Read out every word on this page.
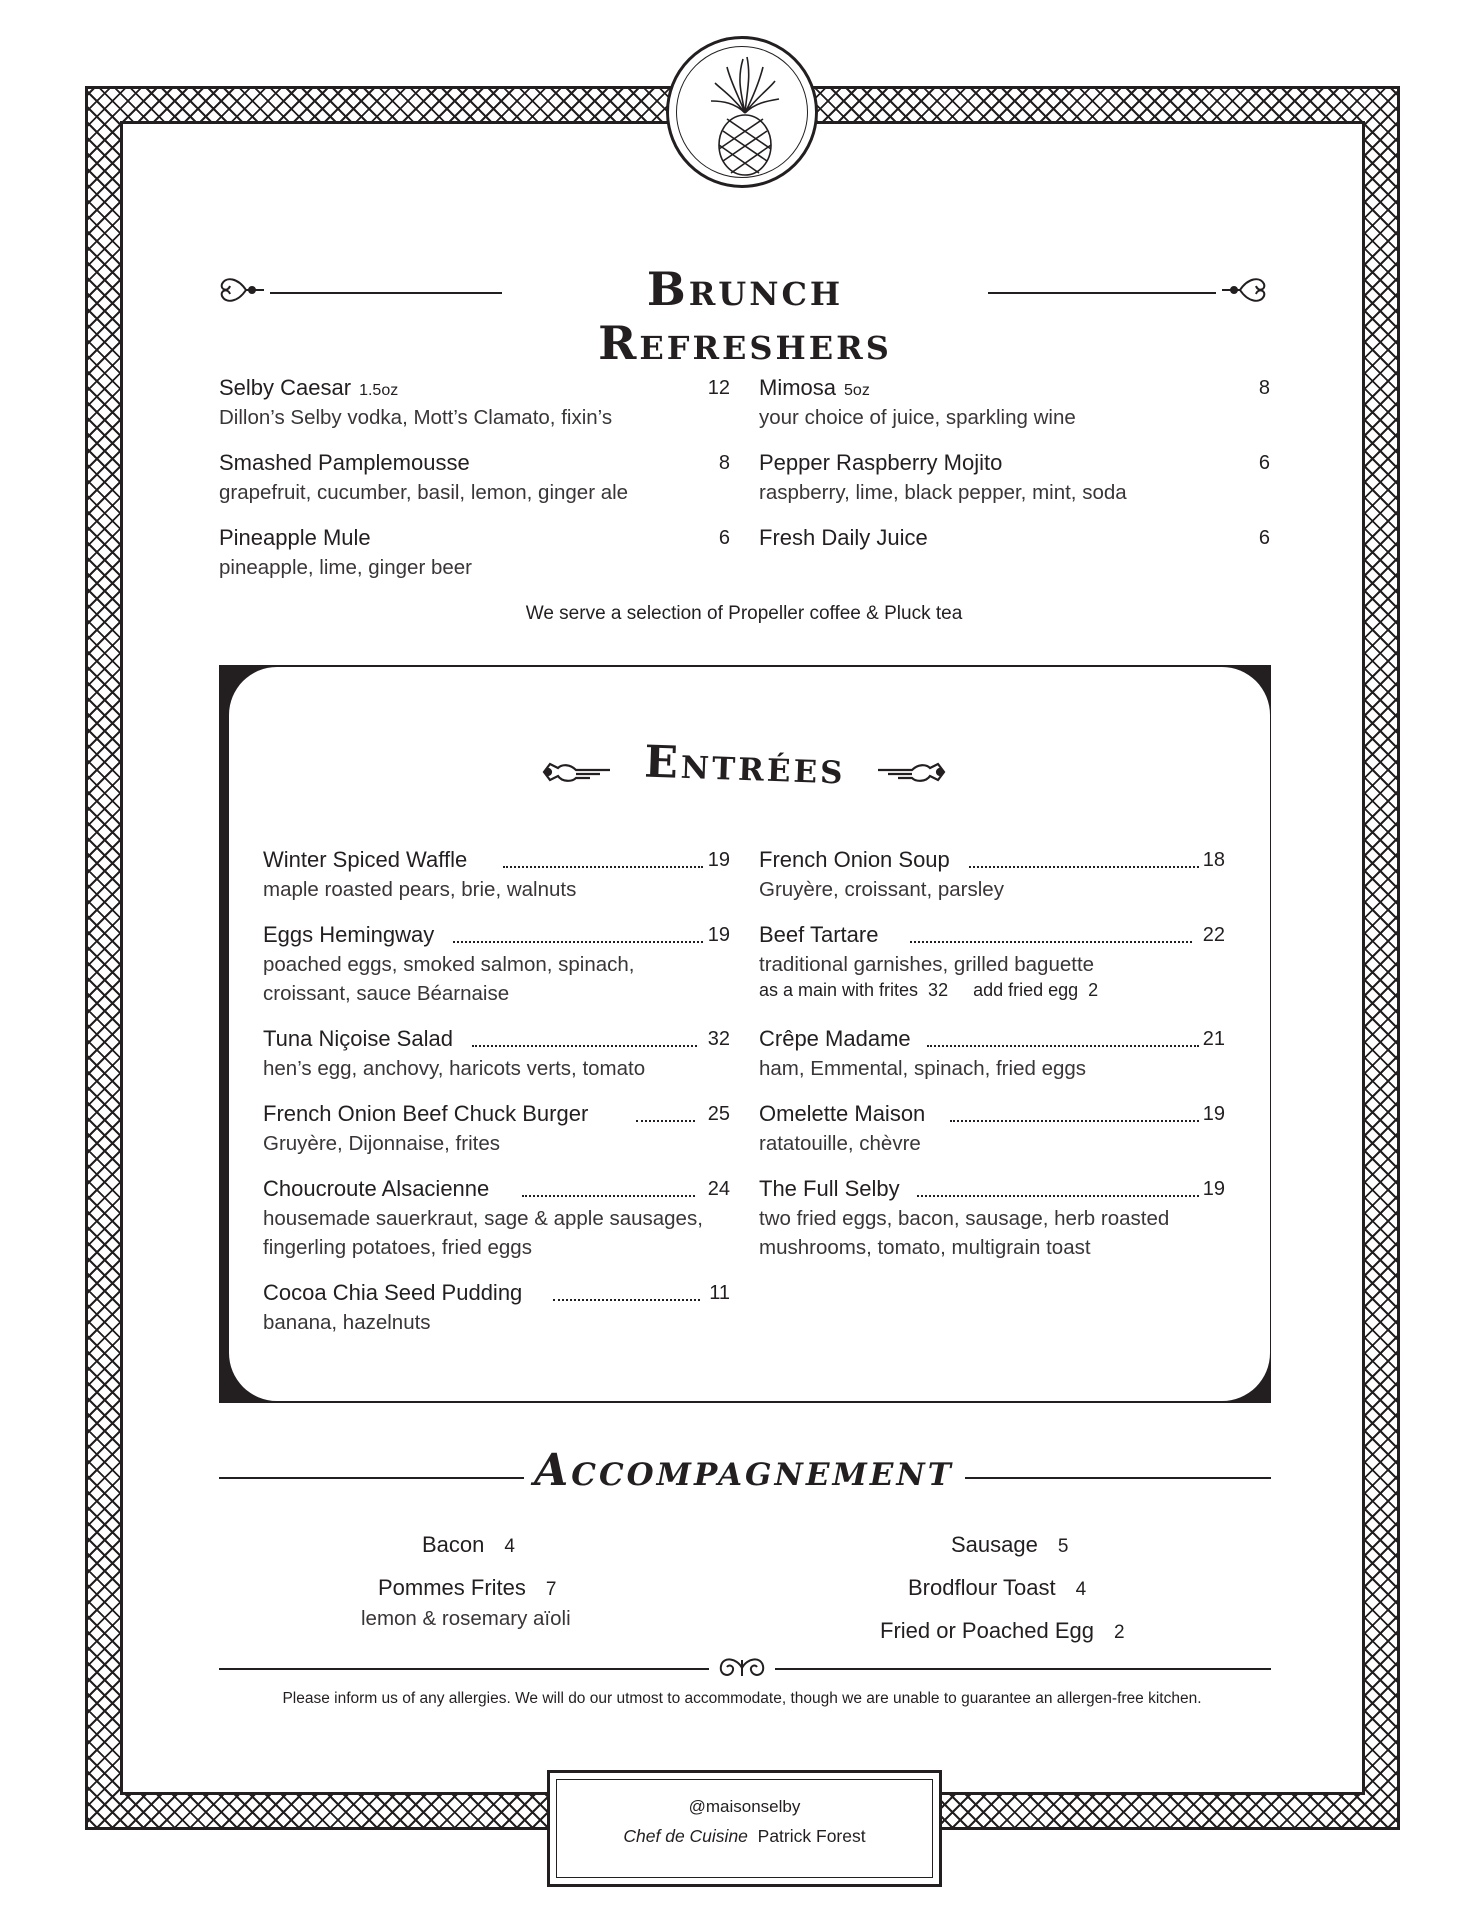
Brunch Refreshers
Selby Caesar 1.5oz	12
Dillon’s Selby vodka, Mott’s Clamato, fixin’s
Smashed Pamplemousse	8
grapefruit, cucumber, basil, lemon, ginger ale
Pineapple Mule	6
pineapple, lime, ginger beer
Mimosa 5oz	8
your choice of juice, sparkling wine
Pepper Raspberry Mojito	6
raspberry, lime, black pepper, mint, soda
Fresh Daily Juice	6
We serve a selection of Propeller coffee & Pluck tea
Entrées
Winter Spiced Waffle	19
maple roasted pears, brie, walnuts
Eggs Hemingway	19
poached eggs, smoked salmon, spinach,
croissant, sauce Béarnaise
Tuna Niçoise Salad	32
hen’s egg, anchovy, haricots verts, tomato
French Onion Beef Chuck Burger	25
Gruyère, Dijonnaise, frites
Choucroute Alsacienne	24
housemade sauerkraut, sage & apple sausages,
fingerling potatoes, fried eggs
Cocoa Chia Seed Pudding	11
banana, hazelnuts
French Onion Soup	18
Gruyère, croissant, parsley
Beef Tartare	22
traditional garnishes, grilled baguette
as a main with frites  32     add fried egg  2
Crêpe Madame	21
ham, Emmental, spinach, fried eggs
Omelette Maison	19
ratatouille, chèvre
The Full Selby	19
two fried eggs, bacon, sausage, herb roasted
mushrooms, tomato, multigrain toast
Accompagnement
Bacon 4
Pommes Frites 7
lemon & rosemary aïoli
Sausage 5
Brodflour Toast 4
Fried or Poached Egg 2
Please inform us of any allergies. We will do our utmost to accommodate, though we are unable to guarantee an allergen-free kitchen.
@maisonselby
Chef de Cuisine Patrick Forest
